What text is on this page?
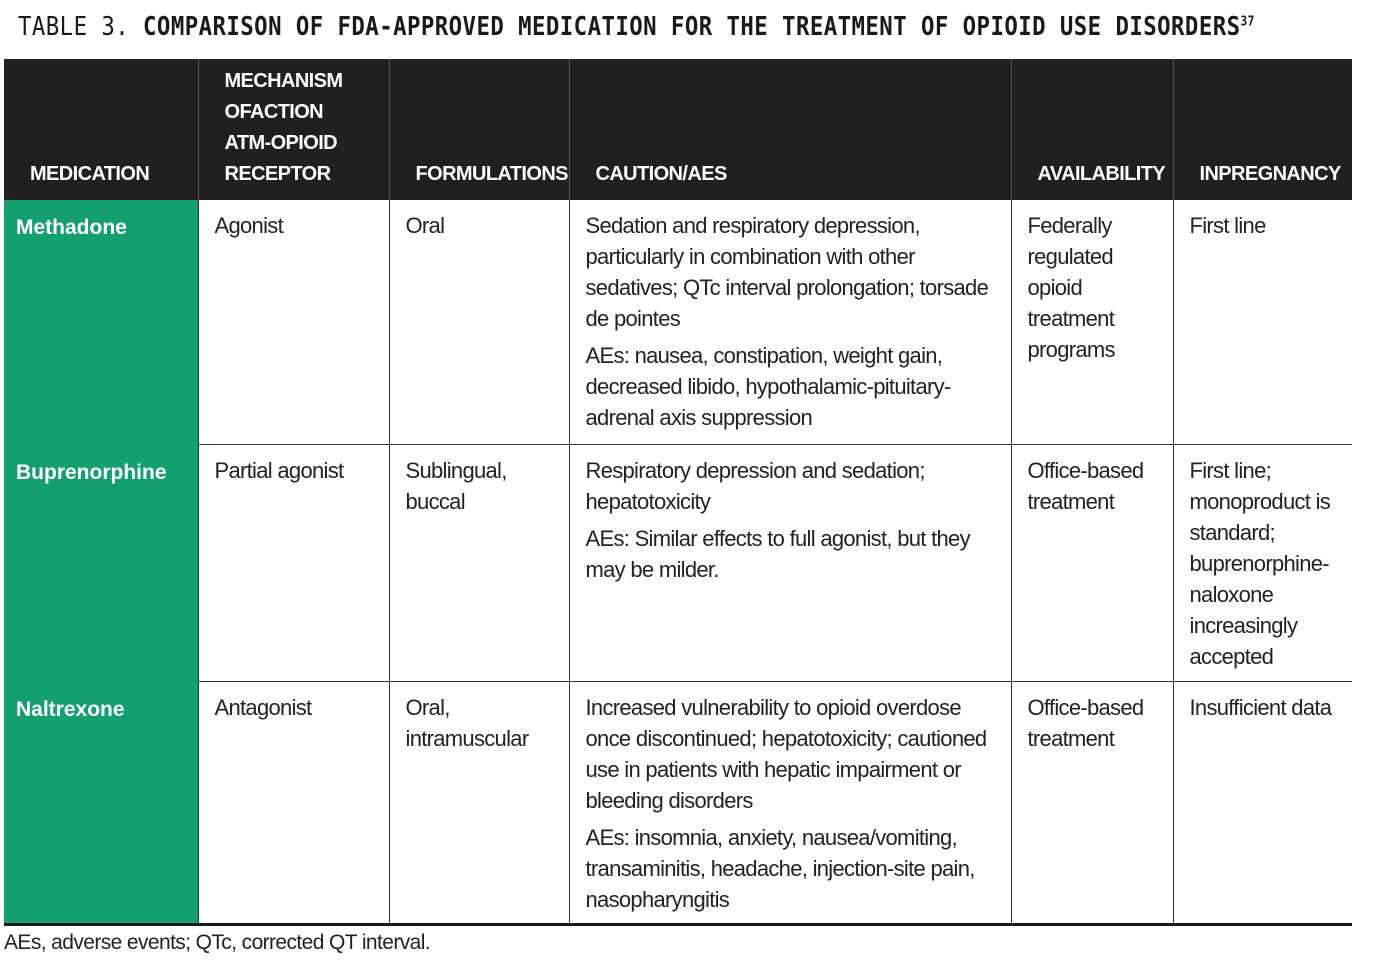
TABLE 3. COMPARISON OF FDA-APPROVED MEDICATION FOR THE TREATMENT OF OPIOID USE DISORDERS$^{37}$
MEDICATION	MECHANISM
OFACTION
ATM-OPIOID
RECEPTOR	FORMULATIONS	CAUTION/AES	AVAILABILITY	INPREGNANCY

Methadone	Agonist	Oral	Sedation and respiratory depression, particularly in combination with other sedatives; QTc interval prolongation; torsade de pointes

AEs: nausea, constipation, weight gain, decreased libido, hypothalamic-pituitary-adrenal axis suppression	Federally regulated opioid treatment programs	First line
Buprenorphine	Partial agonist	Sublingual, buccal	Respiratory depression and sedation; hepatotoxicity

AEs: Similar effects to full agonist, but they may be milder.	Office-based treatment	First line; monoproduct is standard; buprenorphine-naloxone increasingly accepted
Naltrexone	Antagonist	Oral, intramuscular	Increased vulnerability to opioid overdose once discontinued; hepatotoxicity; cautioned use in patients with hepatic impairment or bleeding disorders

AEs: insomnia, anxiety, nausea/vomiting, transaminitis, headache, injection-site pain, nasopharyngitis	Office-based treatment	Insufficient data
AEs, adverse events; QTc, corrected QT interval.
